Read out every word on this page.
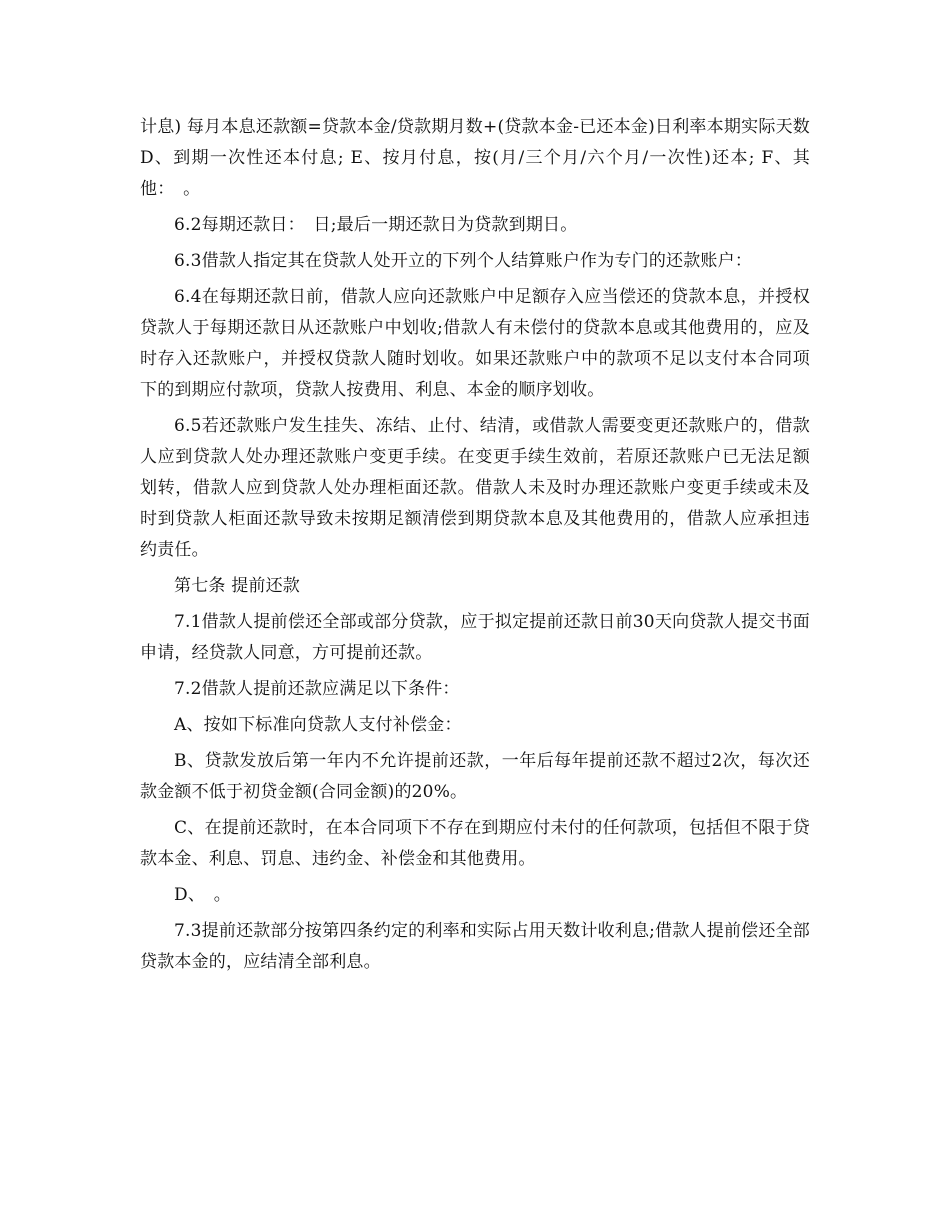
计息) 每月本息还款额=贷款本金/贷款期月数+(贷款本金-已还本金)日利率本期实际天数D、到期一次性还本付息; E、按月付息，按(月/三个月/六个月/一次性)还本; F、其他：　。

6.2每期还款日：　日;最后一期还款日为贷款到期日。

6.3借款人指定其在贷款人处开立的下列个人结算账户作为专门的还款账户：

6.4在每期还款日前，借款人应向还款账户中足额存入应当偿还的贷款本息，并授权贷款人于每期还款日从还款账户中划收;借款人有未偿付的贷款本息或其他费用的，应及时存入还款账户，并授权贷款人随时划收。如果还款账户中的款项不足以支付本合同项下的到期应付款项，贷款人按费用、利息、本金的顺序划收。

6.5若还款账户发生挂失、冻结、止付、结清，或借款人需要变更还款账户的，借款人应到贷款人处办理还款账户变更手续。在变更手续生效前，若原还款账户已无法足额划转，借款人应到贷款人处办理柜面还款。借款人未及时办理还款账户变更手续或未及时到贷款人柜面还款导致未按期足额清偿到期贷款本息及其他费用的，借款人应承担违约责任。

第七条 提前还款

7.1借款人提前偿还全部或部分贷款，应于拟定提前还款日前30天向贷款人提交书面申请，经贷款人同意，方可提前还款。

7.2借款人提前还款应满足以下条件：

A、按如下标准向贷款人支付补偿金：

B、贷款发放后第一年内不允许提前还款，一年后每年提前还款不超过2次，每次还款金额不低于初贷金额(合同金额)的20%。

C、在提前还款时，在本合同项下不存在到期应付未付的任何款项，包括但不限于贷款本金、利息、罚息、违约金、补偿金和其他费用。

D、　。

7.3提前还款部分按第四条约定的利率和实际占用天数计收利息;借款人提前偿还全部贷款本金的，应结清全部利息。
